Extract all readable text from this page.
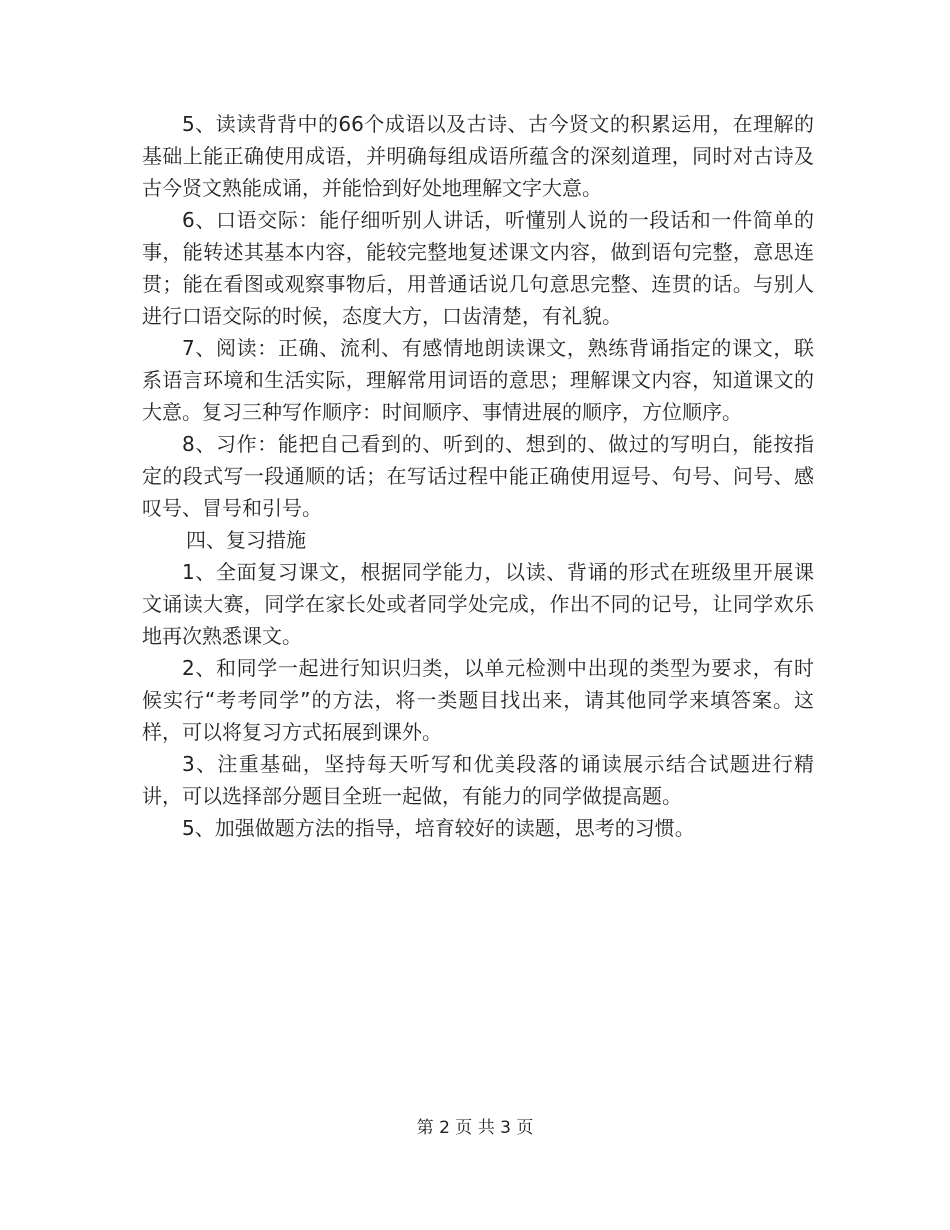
5、读读背背中的66个成语以及古诗、古今贤文的积累运用，在理解的基础上能正确使用成语，并明确每组成语所蕴含的深刻道理，同时对古诗及古今贤文熟能成诵，并能恰到好处地理解文字大意。

6、口语交际：能仔细听别人讲话，听懂别人说的一段话和一件简单的事，能转述其基本内容，能较完整地复述课文内容，做到语句完整，意思连贯；能在看图或观察事物后，用普通话说几句意思完整、连贯的话。与别人进行口语交际的时候，态度大方，口齿清楚，有礼貌。

7、阅读：正确、流利、有感情地朗读课文，熟练背诵指定的课文，联系语言环境和生活实际，理解常用词语的意思；理解课文内容，知道课文的大意。复习三种写作顺序：时间顺序、事情进展的顺序，方位顺序。

8、习作：能把自己看到的、听到的、想到的、做过的写明白，能按指定的段式写一段通顺的话；在写话过程中能正确使用逗号、句号、问号、感叹号、冒号和引号。

四、复习措施

1、全面复习课文，根据同学能力，以读、背诵的形式在班级里开展课文诵读大赛，同学在家长处或者同学处完成，作出不同的记号，让同学欢乐地再次熟悉课文。

2、和同学一起进行知识归类，以单元检测中出现的类型为要求，有时候实行“考考同学”的方法，将一类题目找出来，请其他同学来填答案。这样，可以将复习方式拓展到课外。

3、注重基础，坚持每天听写和优美段落的诵读展示结合试题进行精讲，可以选择部分题目全班一起做，有能力的同学做提高题。

5、加强做题方法的指导，培育较好的读题，思考的习惯。

第 2 页 共 3 页
